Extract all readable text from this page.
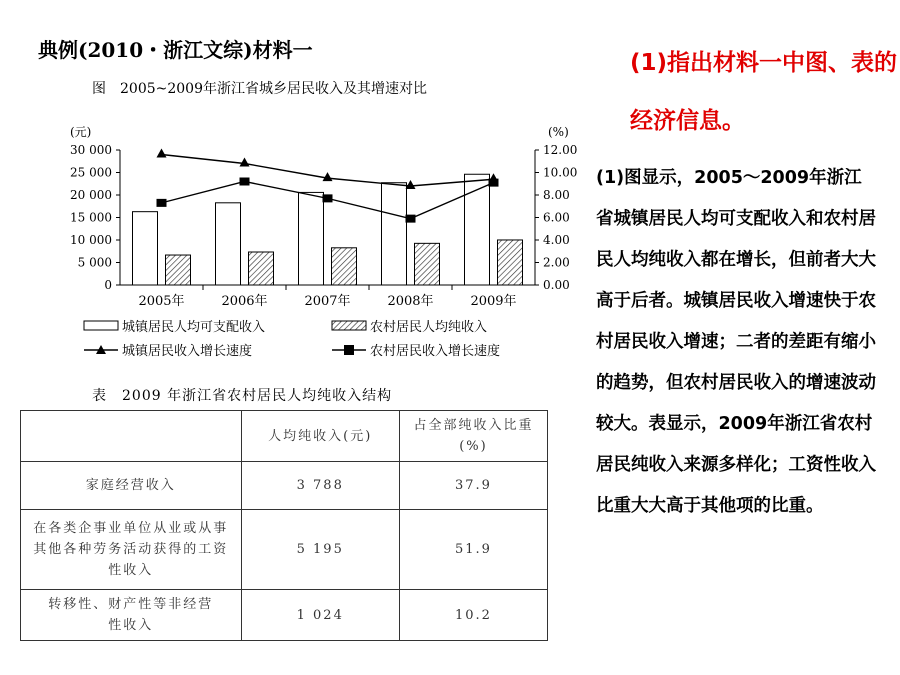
典例(2010・浙江文综)材料一
图　2005~2009年浙江省城乡居民收入及其增速对比
(元)	(%)
0
5 000
10 000
15 000
20 000
25 000
30 000
0.00
2.00
4.00
6.00
8.00
10.00
12.00
2005年	2006年	2007年	2008年	2009年
城镇居民人均可支配收入	农村居民人均纯收入
城镇居民收入增长速度	农村居民收入增长速度
表　2009 年浙江省农村居民人均纯收入结构
	人均纯收入(元)	占全部纯收入比重(%)
家庭经营收入	3 788	37.9
在各类企事业单位从业或从事其他各种劳务活动获得的工资性收入	5 195	51.9
转移性、财产性等非经营性收入	1 024	10.2
(1)指出材料一中图、表的经济信息。
(1)图显示，2005～2009年浙江省城镇居民人均可支配收入和农村居民人均纯收入都在增长，但前者大大高于后者。城镇居民收入增速快于农村居民收入增速；二者的差距有缩小的趋势，但农村居民收入的增速波动较大。表显示，2009年浙江省农村居民纯收入来源多样化；工资性收入比重大大高于其他项的比重。
